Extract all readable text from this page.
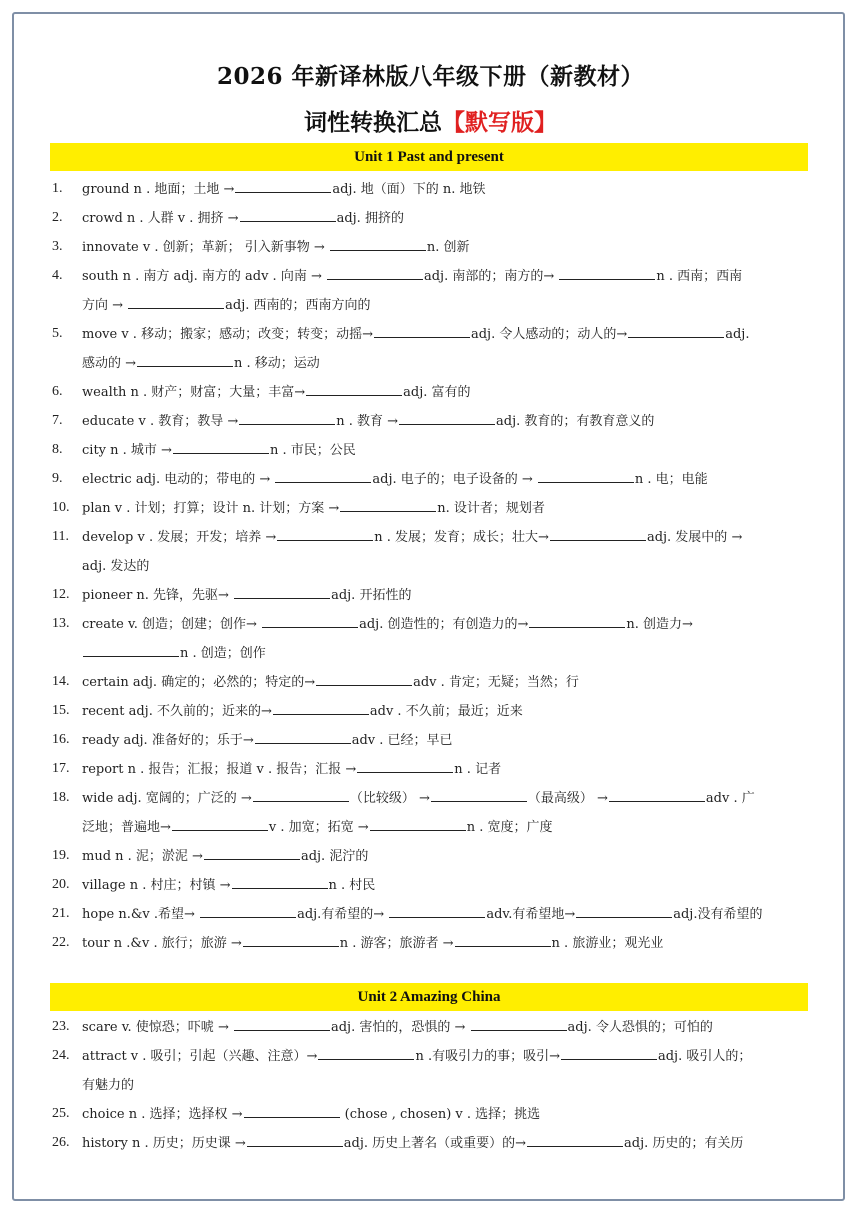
2026 年新译林版八年级下册（新教材）
词性转换汇总【默写版】
Unit 1 Past and present
1.	ground n . 地面；土地 →	adj. 地（面）下的 n. 地铁
2.	crowd n . 人群 v . 拥挤 →	adj. 拥挤的
3.	innovate v . 创新；革新； 引入新事物 →	n. 创新
4.	south n . 南方 adj. 南方的 adv . 向南 →	adj. 南部的；南方的→	n . 西南；西南
方向 →	adj. 西南的；西南方向的
5.	move v . 移动；搬家；感动；改变；转变；动摇→	adj. 令人感动的；动人的→	adj.
感动的 →	n . 移动；运动
6.	wealth n . 财产；财富；大量；丰富→	adj. 富有的
7.	educate v . 教育；教导 →	n . 教育 →	adj. 教育的；有教育意义的
8.	city n . 城市 →	n . 市民；公民
9.	electric adj. 电动的；带电的 →	adj. 电子的；电子设备的 →	n . 电；电能
10. plan v . 计划；打算；设计 n. 计划；方案 →	n. 设计者；规划者
11.	develop v . 发展；开发；培养 →	n . 发展；发育；成长；壮大→	adj. 发展中的 →
adj. 发达的
12. pioneer n. 先锋，先驱→	adj. 开拓性的
13. create v. 创造；创建；创作→	adj. 创造性的；有创造力的→	n. 创造力→
n . 创造；创作
14. certain adj. 确定的；必然的；特定的→	adv . 肯定；无疑；当然；行
15. recent adj. 不久前的；近来的→	adv . 不久前；最近；近来
16. ready adj. 准备好的；乐于→	adv . 已经；早已
17. report n . 报告；汇报；报道 v . 报告；汇报 →	n . 记者
18. wide adj. 宽阔的；广泛的 →	（比较级） →	（最高级） →	adv . 广
泛地；普遍地→	v . 加宽；拓宽 →	n . 宽度；广度
19. mud n . 泥；淤泥 →	adj. 泥泞的
20. village n . 村庄；村镇 →	n . 村民
21. hope n.&v .希望→	adj.有希望的→	adv.有希望地→	adj.没有希望的
22. tour n .&v . 旅行；旅游 →	n . 游客；旅游者 →	n . 旅游业；观光业
Unit 2 Amazing China
23. scare v. 使惊恐；吓唬 →	adj. 害怕的，恐惧的 →	adj. 令人恐惧的；可怕的
24. attract v . 吸引；引起（兴趣、注意）→	n .有吸引力的事；吸引→	adj. 吸引人的；
有魅力的
25. choice n . 选择；选择权 →	(chose , chosen) v . 选择；挑选
26. history n . 历史；历史课 →	adj. 历史上著名（或重要）的→	adj. 历史的；有关历
